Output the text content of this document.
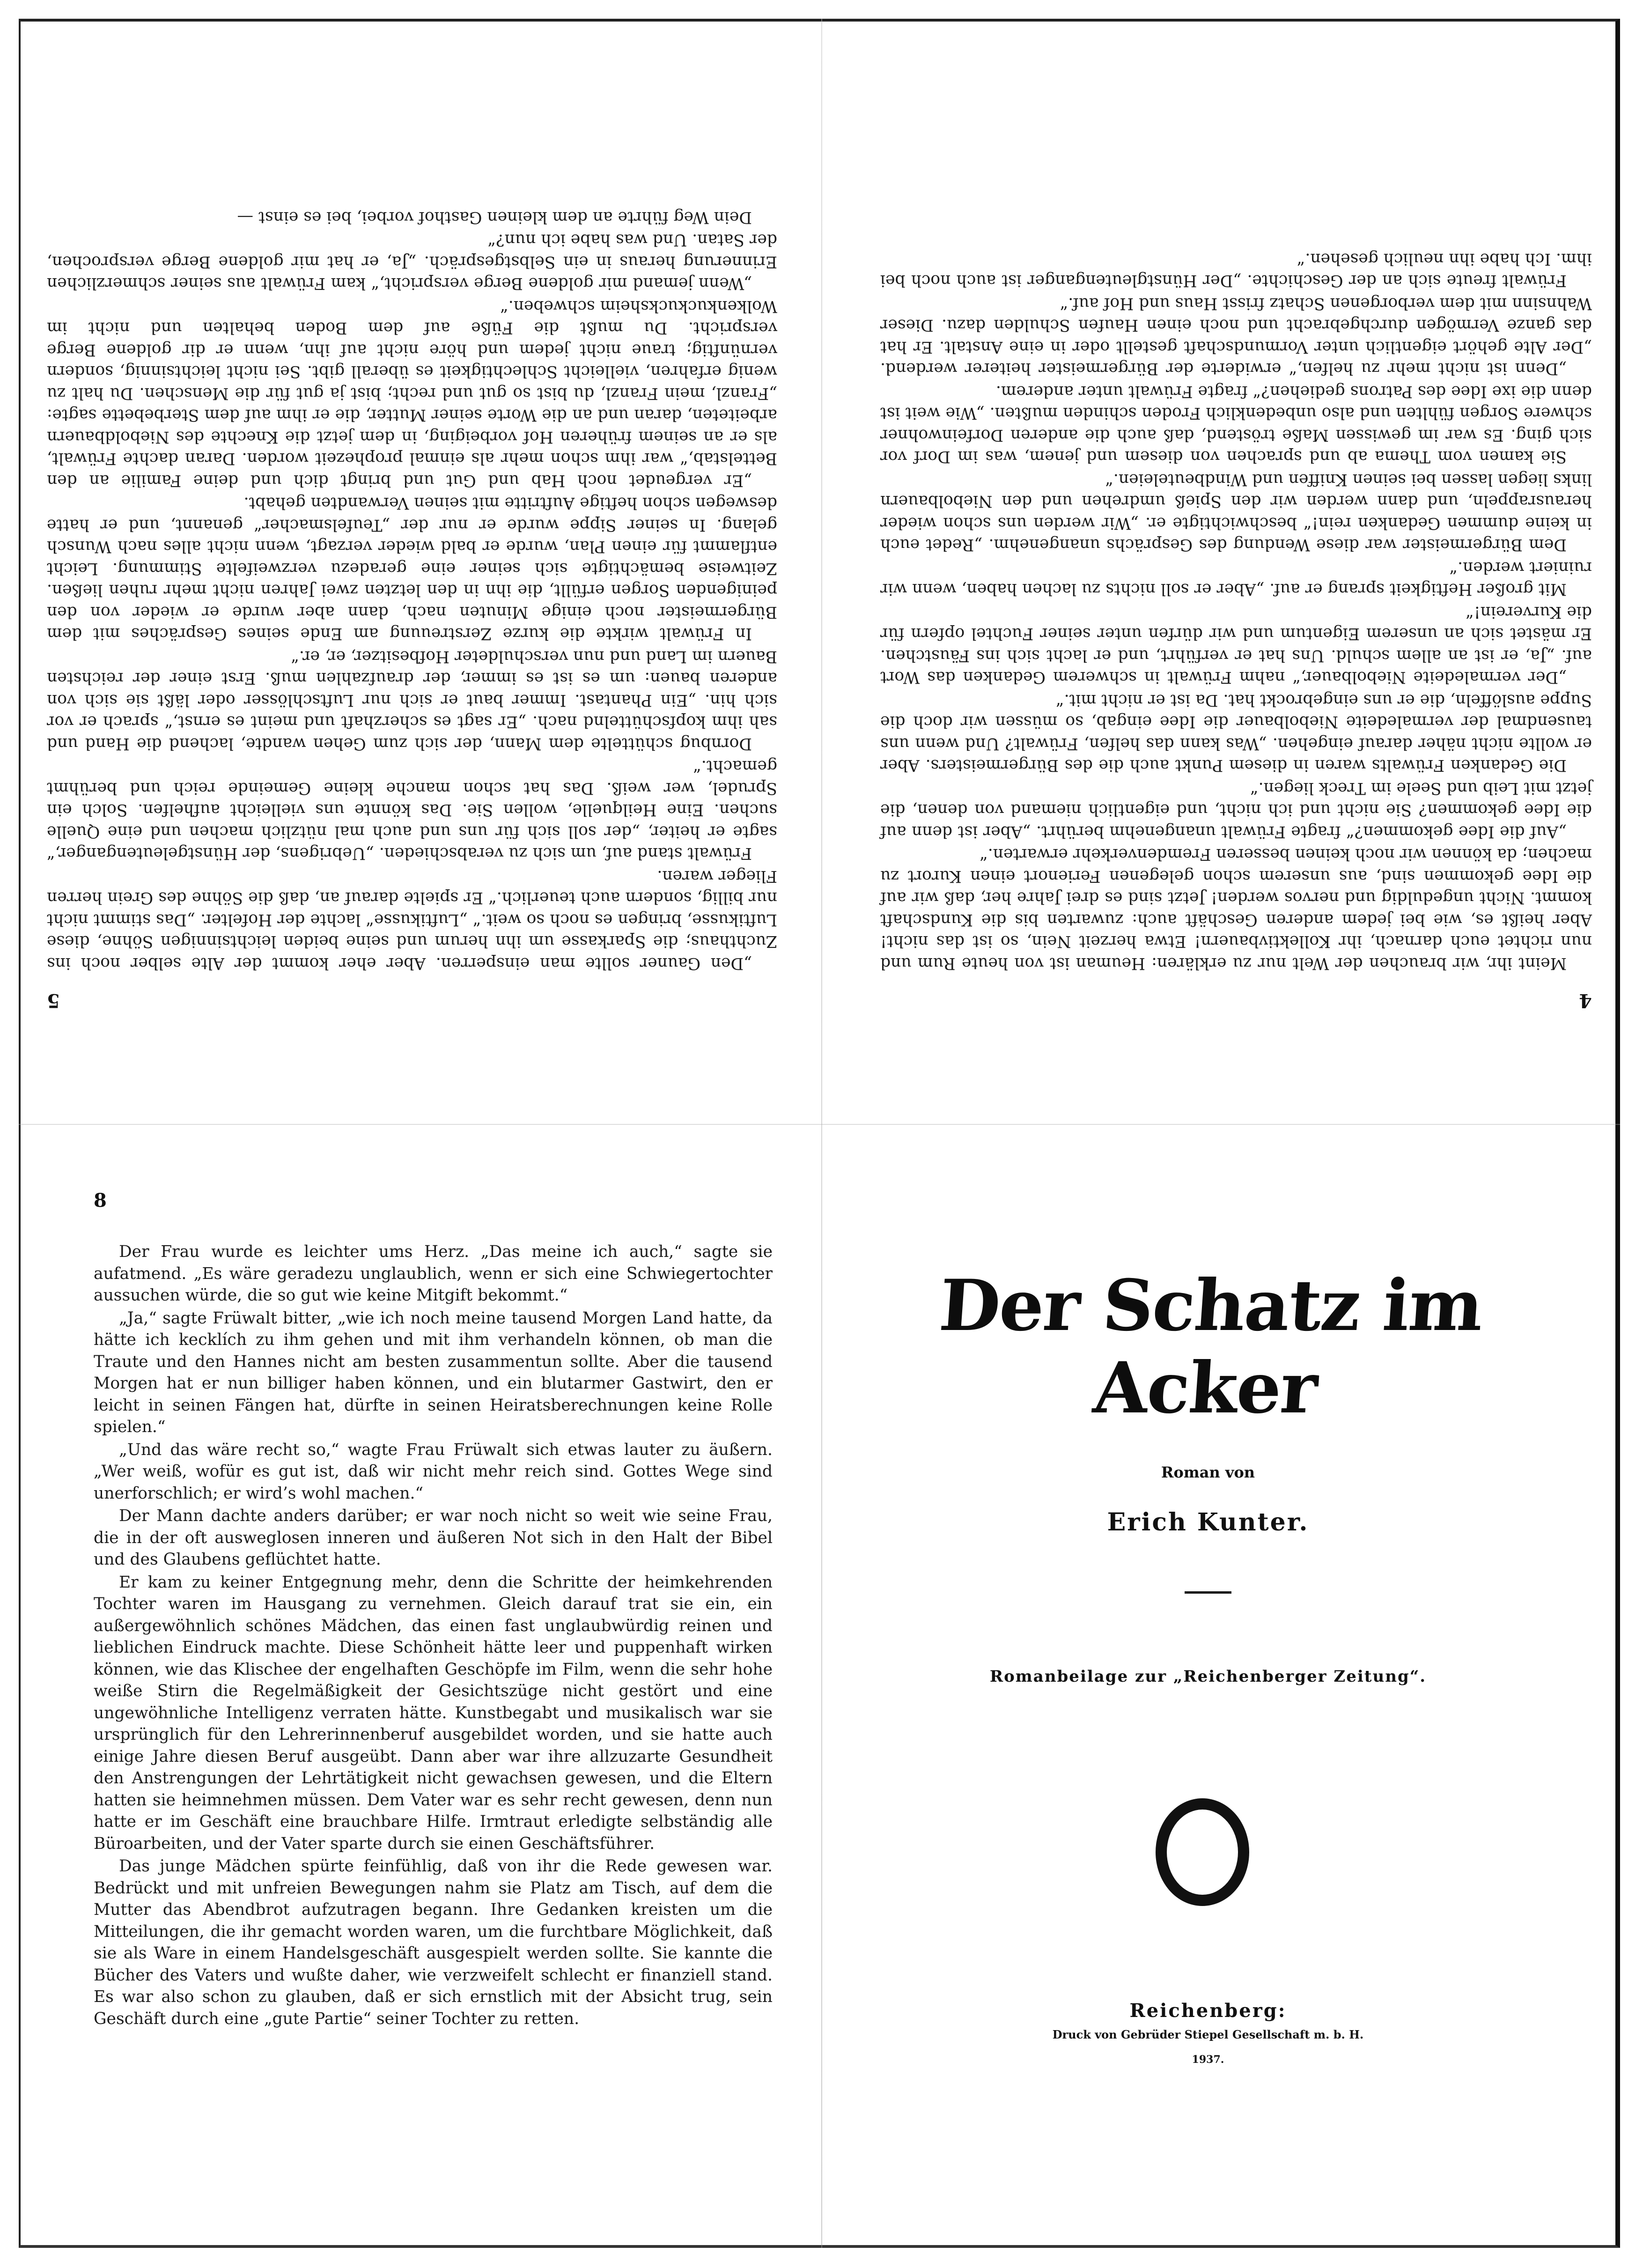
5

„Den Gauner sollte man einsperren. Aber eher kommt der Alte selber noch ins Zuchthaus; die Sparkasse um ihn herum und seine beiden leichtsinnigen Söhne, diese Luftikusse, bringen es noch so weit.“ „Luftikusse“ lachte der Hofelter. „Das stimmt nicht nur billig, sondern auch teuerlich.“ Er spielte darauf an, daß die Söhne des Grein herren Flieger waren.

Früwalt stand auf, um sich zu verabschieden. „Uebrigens, der Hünstgeleutenganger,“ sagte er heiter, „der soll sich für uns und auch mal nützlich machen und eine Quelle suchen. Eine Heilquelle, wollen Sie. Das könnte uns vielleicht aufhelfen. Solch ein Sprudel, wer weiß. Das hat schon manche kleine Gemeinde reich und berühmt gemacht.“

Dornbug schüttelte dem Mann, der sich zum Gehen wandte, lachend die Hand und sah ihm kopfschüttelnd nach. „Er sagt es scherzhaft und meint es ernst,“ sprach er vor sich hin. „Ein Phantast. Immer baut er sich nur Luftschlösser oder läßt sie sich von anderen bauen: um es ist es immer, der draufzahlen muß. Erst einer der reichsten Bauern im Land und nun verschuldeter Hofbesitzer, er, er.“

In Früwalt wirkte die kurze Zerstreuung am Ende seines Gespräches mit dem Bürgermeister noch einige Minuten nach, dann aber wurde er wieder von den peinigenden Sorgen erfüllt, die ihn in den letzten zwei Jahren nicht mehr ruhen ließen. Zeitweise bemächtigte sich seiner eine geradezu verzweifelte Stimmung. Leicht entflammt für einen Plan, wurde er bald wieder verzagt, wenn nicht alles nach Wunsch gelang. In seiner Sippe wurde er nur der „Teufelsmacher“ genannt, und er hatte deswegen schon heftige Auftritte mit seinen Verwandten gehabt.

„Er vergeudet noch Hab und Gut und bringt dich und deine Familie an den Bettelstab,“ war ihm schon mehr als einmal prophezeit worden. Daran dachte Früwalt, als er an seinem früheren Hof vorbeiging, in dem jetzt die Knechte des Nieboldbauern arbeiteten, daran und an die Worte seiner Mutter, die er ihm auf dem Sterbebette sagte: „Franzl, mein Franzl, du bist so gut und recht; bist ja gut für die Menschen. Du halt zu wenig erfahren, vielleicht Schlechtigkeit es überall gibt. Sei nicht leichtsinnig, sondern vernünftig; traue nicht jedem und höre nicht auf ihn, wenn er dir goldene Berge verspricht. Du mußt die Füße auf dem Boden behalten und nicht im Wolkenkuckucksheim schweben.“

„Wenn jemand mir goldene Berge verspricht,“ kam Früwalt aus seiner schmerzlichen Erinnerung heraus in ein Selbstgespräch. „Ja, er hat mir goldene Berge versprochen, der Satan. Und was habe ich nun?“

Dein Weg führte an dem kleinen Gasthof vorbei, bei es einst —

4

Meint ihr, wir brauchen der Welt nur zu erklären: Heuman ist von heute Rum und nun richtet euch darnach, ihr Kollektivbauern! Etwa herzeit Nein, so ist das nicht! Aber heißt es, wie bei jedem anderen Geschäft auch: zuwarten bis die Kundschaft kommt. Nicht ungeduldig und nervos werden! Jetzt sind es drei Jahre her, daß wir auf die Idee gekommen sind, aus unserem schon gelegenen Ferienort einen Kurort zu machen; da können wir noch keinen besseren Fremdenverkehr erwarten.“

„Auf die Idee gekommen?“ fragte Früwalt unangenehm berührt. „Aber ist denn auf die Idee gekommen? Sie nicht und ich nicht, und eigentlich niemand von denen, die jetzt mit Leib und Seele im Treck liegen.“

Die Gedanken Früwalts waren in diesem Punkt auch die des Bürgermeisters. Aber er wollte nicht näher darauf eingehen. „Was kann das helfen, Früwalt? Und wenn uns tausendmal der vermaledeite Niebolbauer die Idee eingab, so müssen wir doch die Suppe auslöffeln, die er uns eingebrockt hat. Da ist er nicht mit.“

„Der vermaledeite Niebolbauer,“ nahm Früwalt in schwerem Gedanken das Wort auf. „Ja, er ist an allem schuld. Uns hat er verführt, und er lacht sich ins Fäustchen. Er mästet sich an unserem Eigentum und wir dürfen unter seiner Fuchtel opfern für die Kurverein!“

Mit großer Heftigkeit sprang er auf. „Aber er soll nichts zu lachen haben, wenn wir ruiniert werden.“

Dem Bürgermeister war diese Wendung des Gesprächs unangenehm. „Redet euch in keine dummen Gedanken rein!“ beschwichtigte er. „Wir werden uns schon wieder herausrappeln, und dann werden wir den Spieß umdrehen und den Niebolbauern links liegen lassen bei seinen Kniffen und Windbeuteleien.“

Sie kamen vom Thema ab und sprachen von diesem und jenem, was im Dorf vor sich ging. Es war im gewissen Maße tröstend, daß auch die anderen Dorfeinwohner schwere Sorgen fühlten und also unbedenklich Froden schinden mußten. „Wie weit ist denn die ixe Idee des Patrons gediehen?“ fragte Früwalt unter anderem.

„Denn ist nicht mehr zu helfen,“ erwiderte der Bürgermeister heiterer werdend. „Der Alte gehört eigentlich unter Vormundschaft gestellt oder in eine Anstalt. Er hat das ganze Vermögen durchgebracht und noch einen Haufen Schulden dazu. Dieser Wahnsinn mit dem verborgenen Schatz frisst Haus und Hof auf.“

Früwalt freute sich an der Geschichte. „Der Hünstgleutenganger ist auch noch bei ihm. Ich habe ihn neulich gesehen.“

8

Der Frau wurde es leichter ums Herz. „Das meine ich auch,“ sagte sie aufatmend. „Es wäre geradezu unglaublich, wenn er sich eine Schwiegertochter aussuchen würde, die so gut wie keine Mitgift bekommt.“

„Ja,“ sagte Früwalt bitter, „wie ich noch meine tausend Morgen Land hatte, da hätte ich kecklích zu ihm gehen und mit ihm verhandeln können, ob man die Traute und den Hannes nicht am besten zusammentun sollte. Aber die tausend Morgen hat er nun billiger haben können, und ein blutarmer Gastwirt, den er leicht in seinen Fängen hat, dürfte in seinen Heiratsberechnungen keine Rolle spielen.“

„Und das wäre recht so,“ wagte Frau Früwalt sich etwas lauter zu äußern. „Wer weiß, wofür es gut ist, daß wir nicht mehr reich sind. Gottes Wege sind unerforschlich; er wird’s wohl machen.“

Der Mann dachte anders darüber; er war noch nicht so weit wie seine Frau, die in der oft ausweglosen inneren und äußeren Not sich in den Halt der Bibel und des Glaubens geflüchtet hatte.

Er kam zu keiner Entgegnung mehr, denn die Schritte der heimkehrenden Tochter waren im Hausgang zu vernehmen. Gleich darauf trat sie ein, ein außergewöhnlich schönes Mädchen, das einen fast unglaubwürdig reinen und lieblichen Eindruck machte. Diese Schönheit hätte leer und puppenhaft wirken können, wie das Klischee der engelhaften Geschöpfe im Film, wenn die sehr hohe weiße Stirn die Regelmäßigkeit der Gesichtszüge nicht gestört und eine ungewöhnliche Intelligenz verraten hätte. Kunstbegabt und musikalisch war sie ursprünglich für den Lehrerinnenberuf ausgebildet worden, und sie hatte auch einige Jahre diesen Beruf ausgeübt. Dann aber war ihre allzuzarte Gesundheit den Anstrengungen der Lehrtätigkeit nicht gewachsen gewesen, und die Eltern hatten sie heimnehmen müssen. Dem Vater war es sehr recht gewesen, denn nun hatte er im Geschäft eine brauchbare Hilfe. Irmtraut erledigte selbständig alle Büroarbeiten, und der Vater sparte durch sie einen Geschäftsführer.

Das junge Mädchen spürte feinfühlig, daß von ihr die Rede gewesen war. Bedrückt und mit unfreien Bewegungen nahm sie Platz am Tisch, auf dem die Mutter das Abendbrot aufzutragen begann. Ihre Gedanken kreisten um die Mitteilungen, die ihr gemacht worden waren, um die furchtbare Möglichkeit, daß sie als Ware in einem Handelsgeschäft ausgespielt werden sollte. Sie kannte die Bücher des Vaters und wußte daher, wie verzweifelt schlecht er finanziell stand. Es war also schon zu glauben, daß er sich ernstlich mit der Absicht trug, sein Geschäft durch eine „gute Partie“ seiner Tochter zu retten.

Der Schatz im Acker
Roman von
Erich Kunter.
Romanbeilage zur „Reichenberger Zeitung“.
Reichenberg:
Druck von Gebrüder Stiepel Gesellschaft m. b. H.
1937.
